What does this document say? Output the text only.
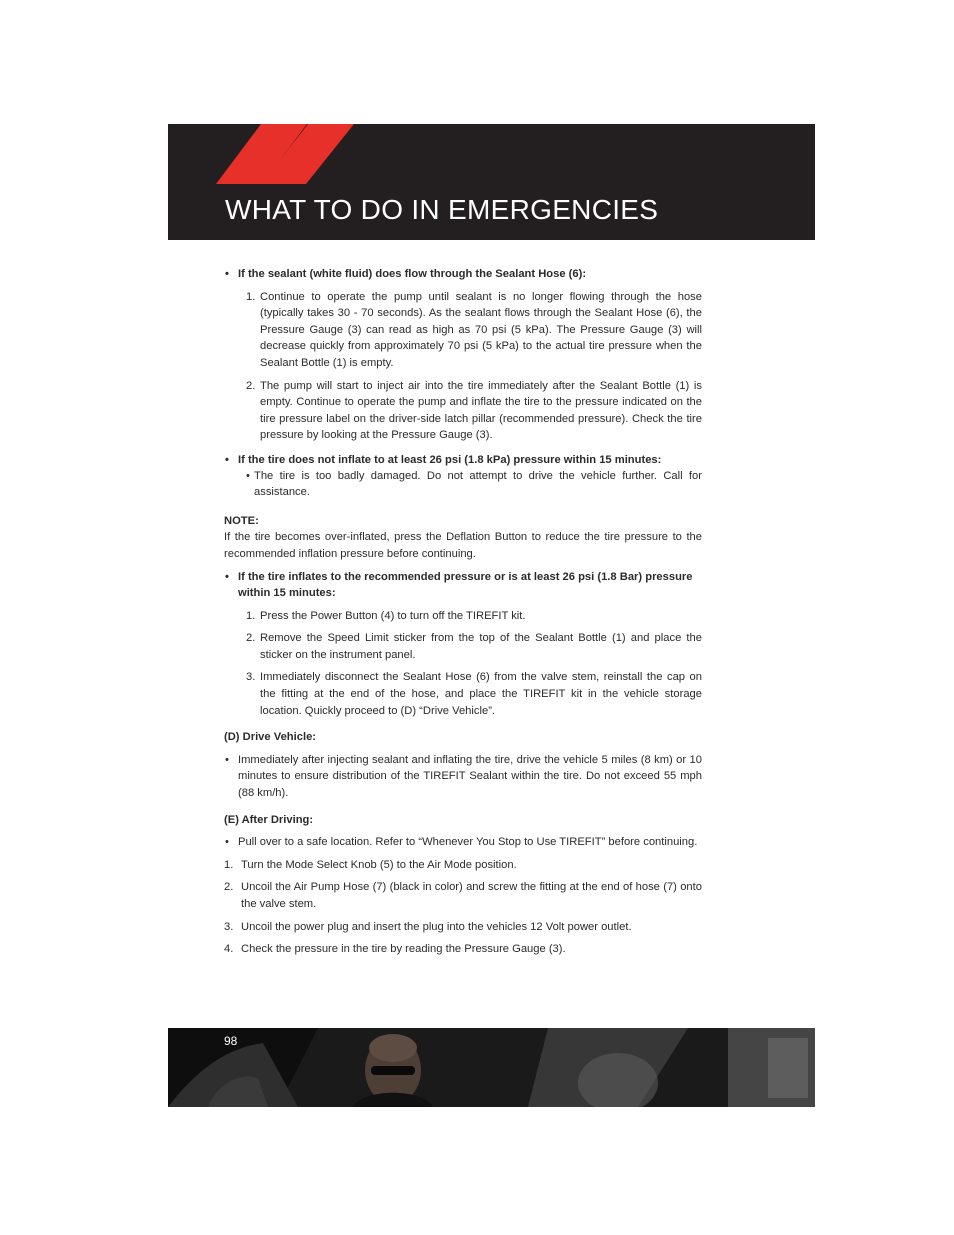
WHAT TO DO IN EMERGENCIES
• If the sealant (white fluid) does flow through the Sealant Hose (6):
1. Continue to operate the pump until sealant is no longer flowing through the hose (typically takes 30 - 70 seconds). As the sealant flows through the Sealant Hose (6), the Pressure Gauge (3) can read as high as 70 psi (5 kPa). The Pressure Gauge (3) will decrease quickly from approximately 70 psi (5 kPa) to the actual tire pressure when the Sealant Bottle (1) is empty.
2. The pump will start to inject air into the tire immediately after the Sealant Bottle (1) is empty. Continue to operate the pump and inflate the tire to the pressure indicated on the tire pressure label on the driver-side latch pillar (recommended pressure). Check the tire pressure by looking at the Pressure Gauge (3).
• If the tire does not inflate to at least 26 psi (1.8 kPa) pressure within 15 minutes:
• The tire is too badly damaged. Do not attempt to drive the vehicle further. Call for assistance.

NOTE:

If the tire becomes over-inflated, press the Deflation Button to reduce the tire pressure to the recommended inflation pressure before continuing.

• If the tire inflates to the recommended pressure or is at least 26 psi (1.8 Bar) pressure within 15 minutes:
1. Press the Power Button (4) to turn off the TIREFIT kit.
2. Remove the Speed Limit sticker from the top of the Sealant Bottle (1) and place the sticker on the instrument panel.
3. Immediately disconnect the Sealant Hose (6) from the valve stem, reinstall the cap on the fitting at the end of the hose, and place the TIREFIT kit in the vehicle storage location. Quickly proceed to (D) “Drive Vehicle”.

(D) Drive Vehicle:

• Immediately after injecting sealant and inflating the tire, drive the vehicle 5 miles (8 km) or 10 minutes to ensure distribution of the TIREFIT Sealant within the tire. Do not exceed 55 mph (88 km/h).

(E) After Driving:

• Pull over to a safe location. Refer to “Whenever You Stop to Use TIREFIT” before continuing.
1. Turn the Mode Select Knob (5) to the Air Mode position.
2. Uncoil the Air Pump Hose (7) (black in color) and screw the fitting at the end of hose (7) onto the valve stem.
3. Uncoil the power plug and insert the plug into the vehicles 12 Volt power outlet.
4. Check the pressure in the tire by reading the Pressure Gauge (3).
98
